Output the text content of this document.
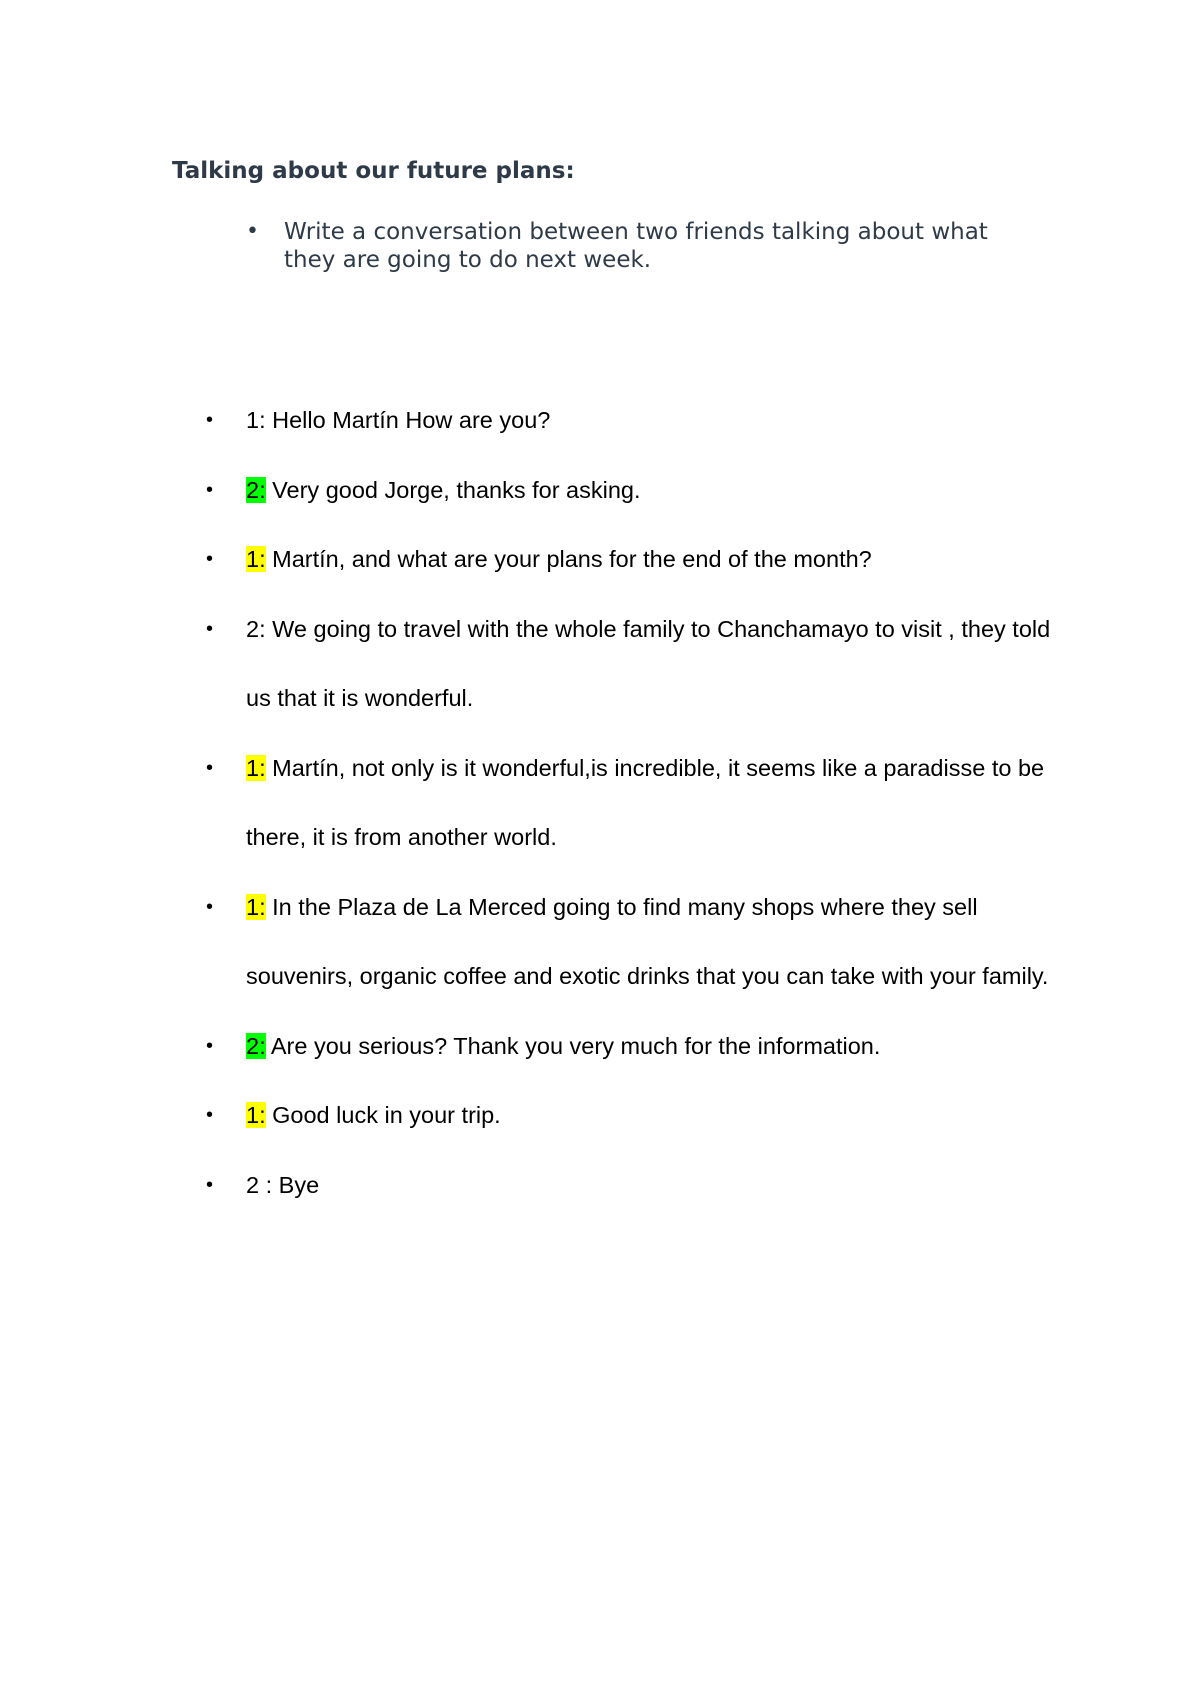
Talking about our future plans:
• Write a conversation between two friends talking about what they are going to do next week.
• 1: Hello Martín How are you?
• 2: Very good Jorge, thanks for asking.
• 1: Martín, and what are your plans for the end of the month?
• 2: We going to travel with the whole family to Chanchamayo to visit , they told us that it is wonderful.
• 1: Martín, not only is it wonderful,is incredible, it seems like a paradisse to be there, it is from another world.
• 1: In the Plaza de La Merced going to find many shops where they sell souvenirs, organic coffee and exotic drinks that you can take with your family.
• 2: Are you serious? Thank you very much for the information.
• 1: Good luck in your trip.
• 2 : Bye
